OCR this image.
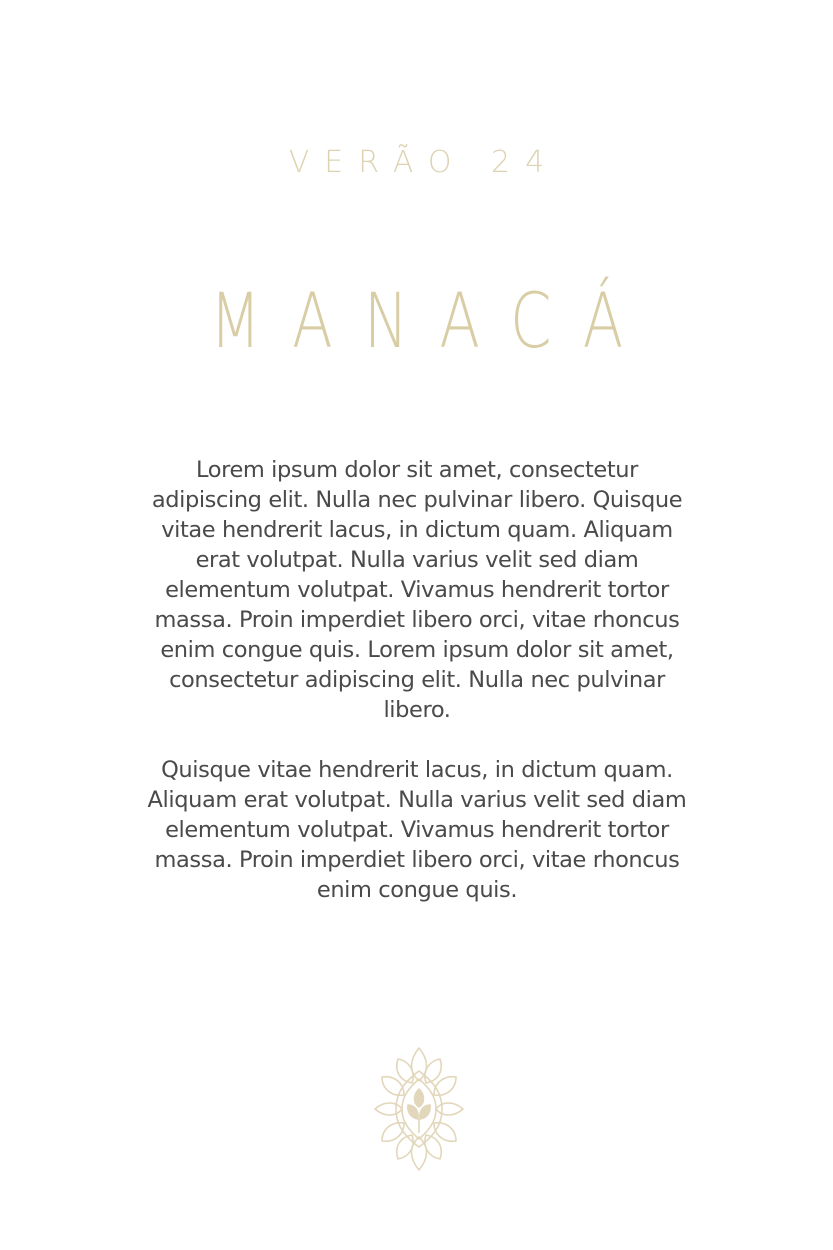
VERÃO 24
MANACÁ

Lorem ipsum dolor sit amet, consectetur adipiscing elit. Nulla nec pulvinar libero. Quisque vitae hendrerit lacus, in dictum quam. Aliquam erat volutpat. Nulla varius velit sed diam elementum volutpat. Vivamus hendrerit tortor massa. Proin imperdiet libero orci, vitae rhoncus enim congue quis. Lorem ipsum dolor sit amet, consectetur adipiscing elit. Nulla nec pulvinar libero.

Quisque vitae hendrerit lacus, in dictum quam. Aliquam erat volutpat. Nulla varius velit sed diam elementum volutpat. Vivamus hendrerit tortor massa. Proin imperdiet libero orci, vitae rhoncus enim congue quis.
